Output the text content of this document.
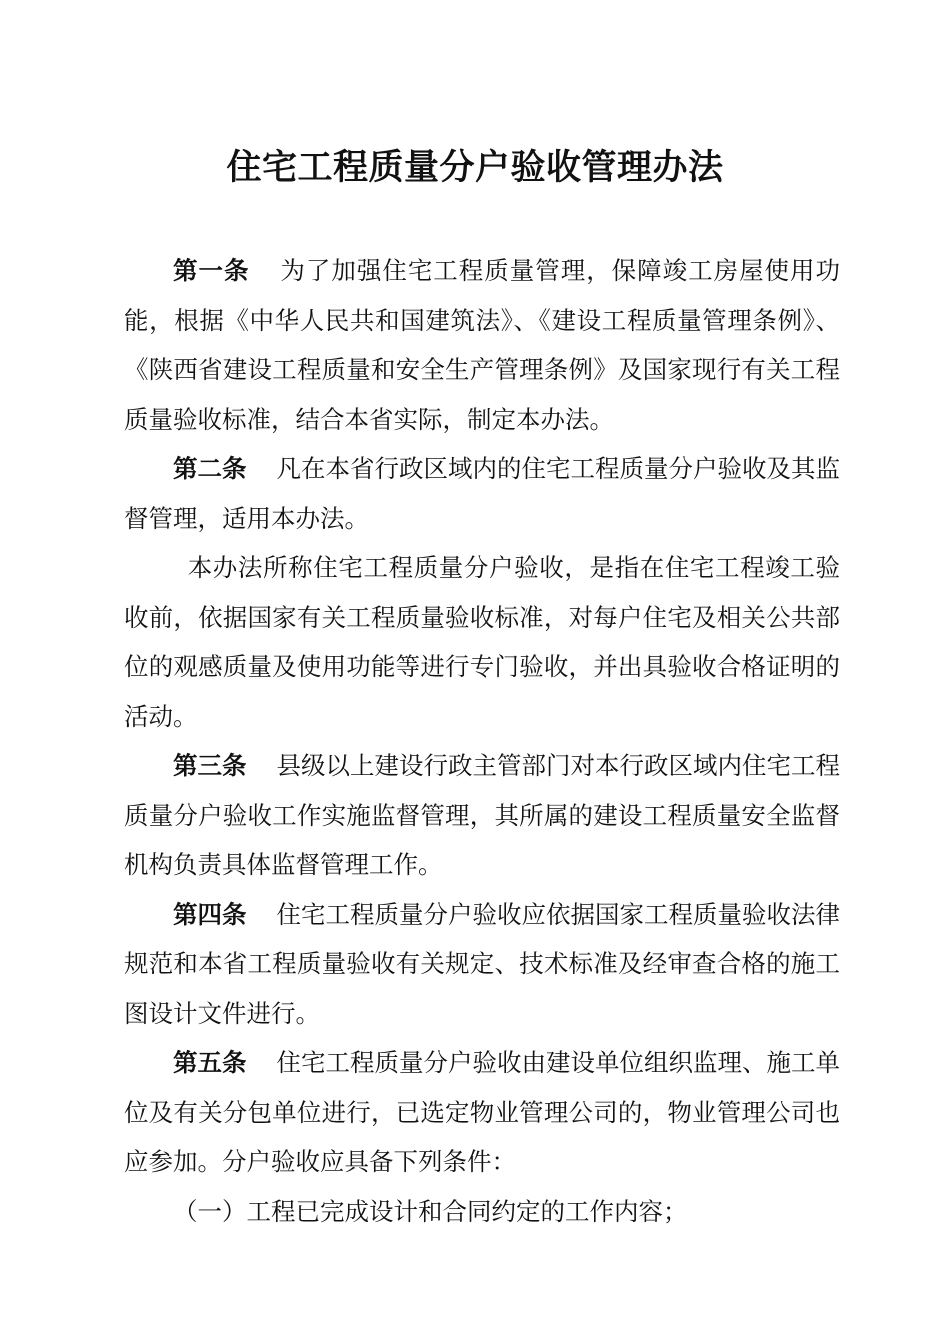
住宅工程质量分户验收管理办法

第一条 为了加强住宅工程质量管理，保障竣工房屋使用功能，根据《中华人民共和国建筑法》、《建设工程质量管理条例》、《陕西省建设工程质量和安全生产管理条例》及国家现行有关工程质量验收标准，结合本省实际，制定本办法。

第二条 凡在本省行政区域内的住宅工程质量分户验收及其监督管理，适用本办法。

本办法所称住宅工程质量分户验收，是指在住宅工程竣工验收前，依据国家有关工程质量验收标准，对每户住宅及相关公共部位的观感质量及使用功能等进行专门验收，并出具验收合格证明的活动。

第三条 县级以上建设行政主管部门对本行政区域内住宅工程质量分户验收工作实施监督管理，其所属的建设工程质量安全监督机构负责具体监督管理工作。

第四条 住宅工程质量分户验收应依据国家工程质量验收法律规范和本省工程质量验收有关规定、技术标准及经审查合格的施工图设计文件进行。

第五条 住宅工程质量分户验收由建设单位组织监理、施工单位及有关分包单位进行，已选定物业管理公司的，物业管理公司也应参加。分户验收应具备下列条件：

（一）工程已完成设计和合同约定的工作内容；
